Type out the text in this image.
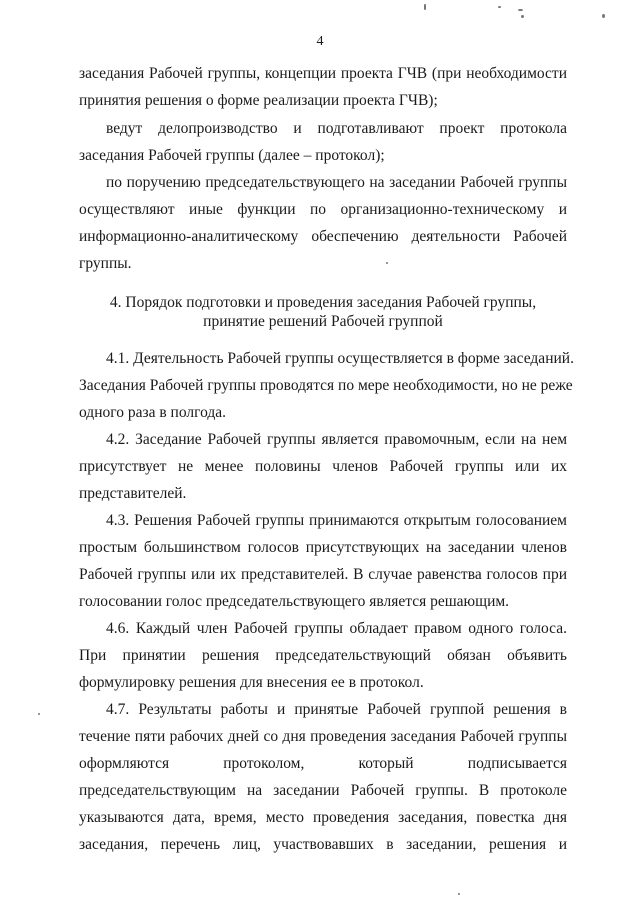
4
заседания Рабочей группы, концепции проекта ГЧВ (при необходимости
принятия решения о форме реализации проекта ГЧВ);
ведут делопроизводство и подготавливают проект протокола
заседания Рабочей группы (далее – протокол);
по поручению председательствующего на заседании Рабочей группы
осуществляют иные функции по организационно-техническому и
информационно-аналитическому обеспечению деятельности Рабочей
группы.
4. Порядок подготовки и проведения заседания Рабочей группы,
принятие решений Рабочей группой
4.1. Деятельность Рабочей группы осуществляется в форме заседаний.
Заседания Рабочей группы проводятся по мере необходимости, но не реже
одного раза в полгода.
4.2. Заседание Рабочей группы является правомочным, если на нем
присутствует не менее половины членов Рабочей группы или их
представителей.
4.3. Решения Рабочей группы принимаются открытым голосованием
простым большинством голосов присутствующих на заседании членов
Рабочей группы или их представителей. В случае равенства голосов при
голосовании голос председательствующего является решающим.
4.6. Каждый член Рабочей группы обладает правом одного голоса.
При принятии решения председательствующий обязан объявить
формулировку решения для внесения ее в протокол.
4.7. Результаты работы и принятые Рабочей группой решения в
течение пяти рабочих дней со дня проведения заседания Рабочей группы
оформляются протоколом, который подписывается
председательствующим на заседании Рабочей группы. В протоколе
указываются дата, время, место проведения заседания, повестка дня
заседания, перечень лиц, участвовавших в заседании, решения и
